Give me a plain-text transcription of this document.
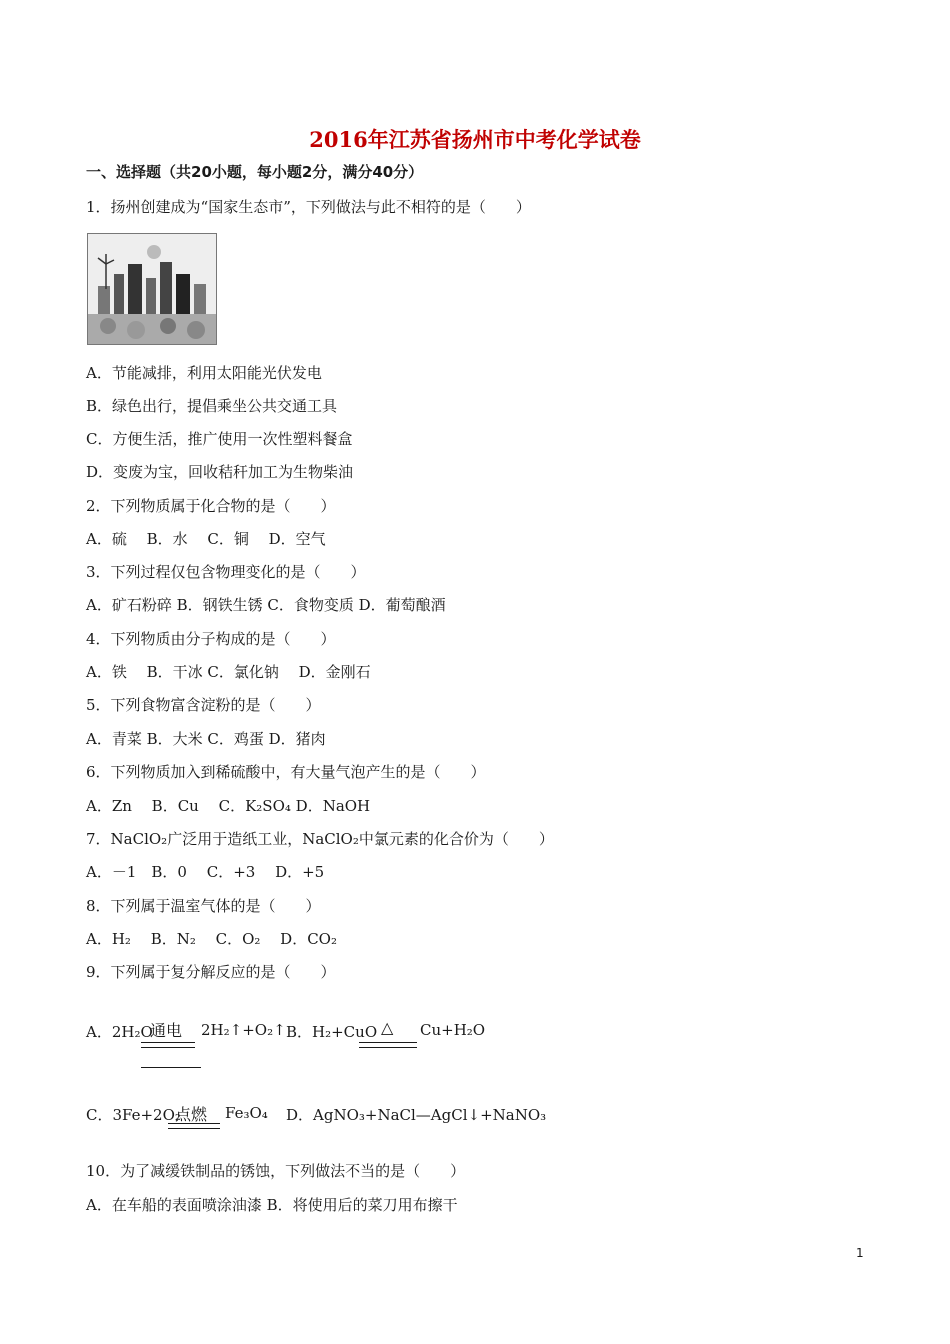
2016年江苏省扬州市中考化学试卷
一、选择题（共20小题，每小题2分，满分40分）
1．扬州创建成为“国家生态市”，下列做法与此不相符的是（　　）
A．节能减排，利用太阳能光伏发电
B．绿色出行，提倡乘坐公共交通工具
C．方便生活，推广使用一次性塑料餐盒
D．变废为宝，回收秸秆加工为生物柴油
2．下列物质属于化合物的是（　　）
A．硫　 B．水　 C．铜　 D．空气
3．下列过程仅包含物理变化的是（　　）
A．矿石粉碎 B．钢铁生锈 C．食物变质 D．葡萄酿酒
4．下列物质由分子构成的是（　　）
A．铁　 B．干冰 C．氯化钠　 D．金刚石
5．下列食物富含淀粉的是（　　）
A．青菜 B．大米 C．鸡蛋 D．猪肉
6．下列物质加入到稀硫酸中，有大量气泡产生的是（　　）
A．Zn　 B．Cu　 C．K₂SO₄ D．NaOH
7．NaClO₂广泛用于造纸工业，NaClO₂中氯元素的化合价为（　　）
A．－1　B．0　 C．+3　 D．+5
8．下列属于温室气体的是（　　）
A．H₂　 B．N₂　 C．O₂　 D．CO₂
9．下列属于复分解反应的是（　　）
A．2H₂O
通电 2H₂↑+O₂↑ B．H₂+CuO △ Cu+H₂O
C．3Fe+2O₂
点燃 Fe₃O₄ D．AgNO₃+NaCl—AgCl↓+NaNO₃
10．为了减缓铁制品的锈蚀，下列做法不当的是（　　）
A．在车船的表面喷涂油漆 B．将使用后的菜刀用布擦干
1
